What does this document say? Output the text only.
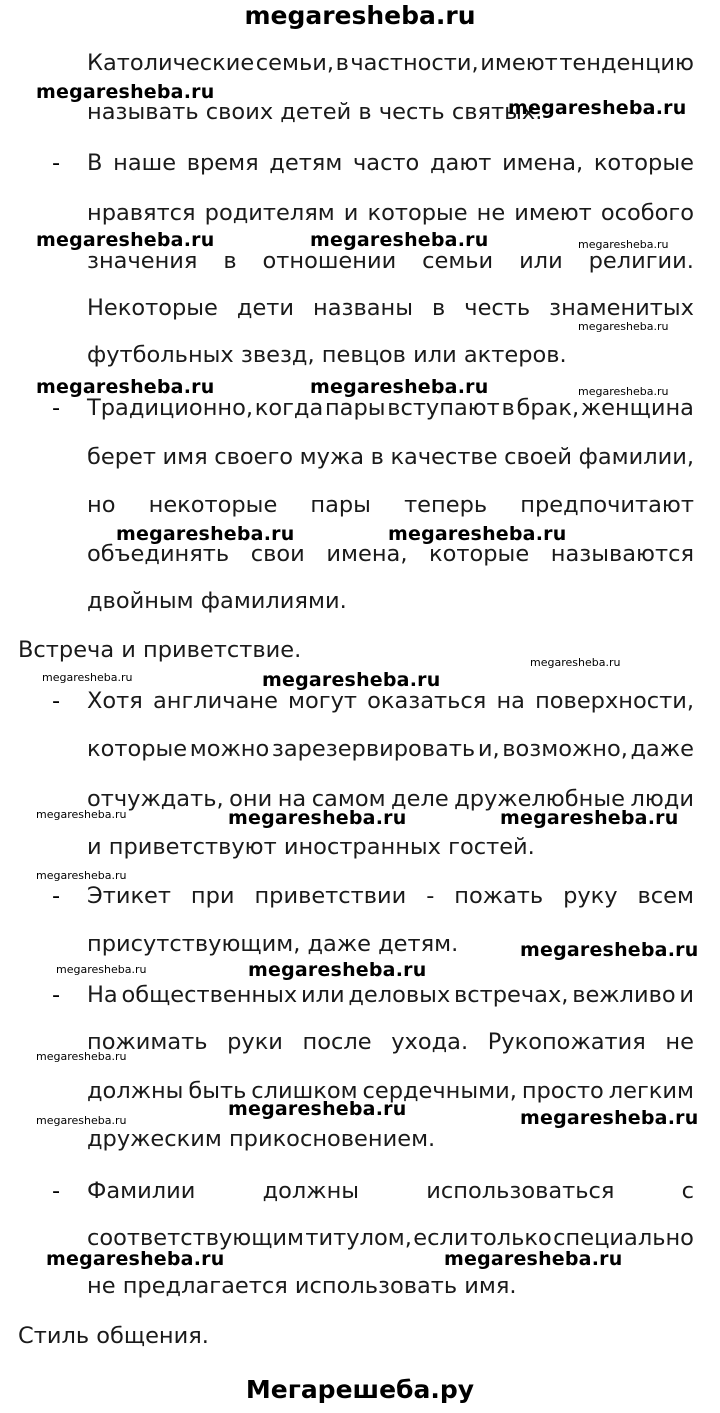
megaresheba.ru
Католические семьи, в частности, имеют тенденцию
называть своих детей в честь святых.
- В наше время детям часто дают имена, которые
нравятся родителям и которые не имеют особого
значения в отношении семьи или религии.
Некоторые дети названы в честь знаменитых
футбольных звезд, певцов или актеров.
- Традиционно, когда пары вступают в брак, женщина
берет имя своего мужа в качестве своей фамилии,
но некоторые пары теперь предпочитают
объединять свои имена, которые называются
двойным фамилиями.
Встреча и приветствие.
- Хотя англичане могут оказаться на поверхности,
которые можно зарезервировать и, возможно, даже
отчуждать, они на самом деле дружелюбные люди
и приветствуют иностранных гостей.
- Этикет при приветствии - пожать руку всем
присутствующим, даже детям.
- На общественных или деловых встречах, вежливо и
пожимать руки после ухода. Рукопожатия не
должны быть слишком сердечными, просто легким
дружеским прикосновением.
- Фамилии	должны	использоваться	с
соответствующим титулом, если только специально
не предлагается использовать имя.
Стиль общения.
megaresheba.ru
megaresheba.ru
megaresheba.ru	megaresheba.ru	megaresheba.ru
megaresheba.ru
megaresheba.ru	megaresheba.ru	megaresheba.ru
megaresheba.ru	megaresheba.ru
megaresheba.ru
megaresheba.ru	megaresheba.ru
megaresheba.ru	megaresheba.ru	megaresheba.ru
megaresheba.ru
megaresheba.ru
megaresheba.ru	megaresheba.ru
megaresheba.ru
megaresheba.ru
megaresheba.ru	megaresheba.ru
megaresheba.ru	megaresheba.ru
Мегарешеба.ру
